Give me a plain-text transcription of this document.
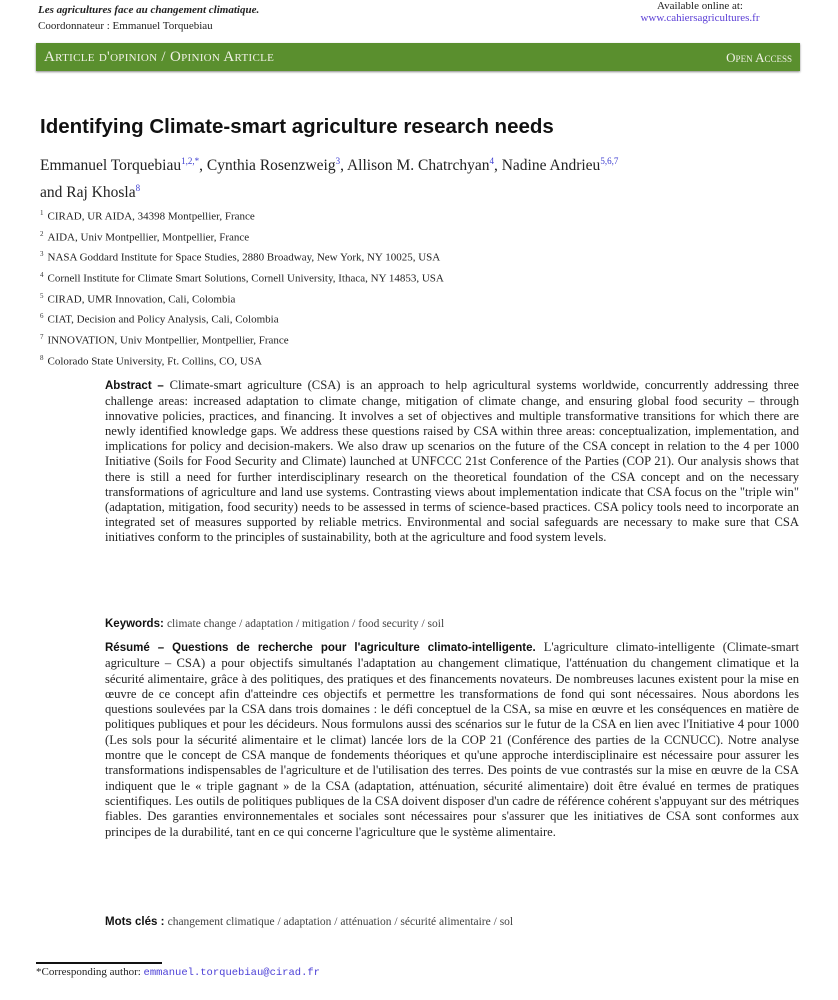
Les agricultures face au changement climatique.
Coordonnateur : Emmanuel Torquebiau
Available online at:
www.cahiersagricultures.fr
Article d'opinion / Opinion Article	Open Access
Identifying Climate-smart agriculture research needs
Emmanuel Torquebiau$^{1,2,*}$, Cynthia Rosenzweig$^3$, Allison M. Chatrchyan$^4$, Nadine Andrieu$^{5,6,7}$
and Raj Khosla$^8$
$^1$ CIRAD, UR AIDA, 34398 Montpellier, France
$^2$ AIDA, Univ Montpellier, Montpellier, France
$^3$ NASA Goddard Institute for Space Studies, 2880 Broadway, New York, NY 10025, USA
$^4$ Cornell Institute for Climate Smart Solutions, Cornell University, Ithaca, NY 14853, USA
$^5$ CIRAD, UMR Innovation, Cali, Colombia
$^6$ CIAT, Decision and Policy Analysis, Cali, Colombia
$^7$ INNOVATION, Univ Montpellier, Montpellier, France
$^8$ Colorado State University, Ft. Collins, CO, USA
Abstract – Climate-smart agriculture (CSA) is an approach to help agricultural systems worldwide, concurrently addressing three challenge areas: increased adaptation to climate change, mitigation of climate change, and ensuring global food security – through innovative policies, practices, and financing. It involves a set of objectives and multiple transformative transitions for which there are newly identified knowledge gaps. We address these questions raised by CSA within three areas: conceptualization, implementation, and implications for policy and decision-makers. We also draw up scenarios on the future of the CSA concept in relation to the 4 per 1000 Initiative (Soils for Food Security and Climate) launched at UNFCCC 21st Conference of the Parties (COP 21). Our analysis shows that there is still a need for further interdisciplinary research on the theoretical foundation of the CSA concept and on the necessary transformations of agriculture and land use systems. Contrasting views about implementation indicate that CSA focus on the "triple win" (adaptation, mitigation, food security) needs to be assessed in terms of science-based practices. CSA policy tools need to incorporate an integrated set of measures supported by reliable metrics. Environmental and social safeguards are necessary to make sure that CSA initiatives conform to the principles of sustainability, both at the agriculture and food system levels.
Keywords: climate change / adaptation / mitigation / food security / soil
Résumé – Questions de recherche pour l'agriculture climato-intelligente. L'agriculture climato-intelligente (Climate-smart agriculture – CSA) a pour objectifs simultanés l'adaptation au changement climatique, l'atténuation du changement climatique et la sécurité alimentaire, grâce à des politiques, des pratiques et des financements novateurs. De nombreuses lacunes existent pour la mise en œuvre de ce concept afin d'atteindre ces objectifs et permettre les transformations de fond qui sont nécessaires. Nous abordons les questions soulevées par la CSA dans trois domaines : le défi conceptuel de la CSA, sa mise en œuvre et les conséquences en matière de politiques publiques et pour les décideurs. Nous formulons aussi des scénarios sur le futur de la CSA en lien avec l'Initiative 4 pour 1000 (Les sols pour la sécurité alimentaire et le climat) lancée lors de la COP 21 (Conférence des parties de la CCNUCC). Notre analyse montre que le concept de CSA manque de fondements théoriques et qu'une approche interdisciplinaire est nécessaire pour assurer les transformations indispensables de l'agriculture et de l'utilisation des terres. Des points de vue contrastés sur la mise en œuvre de la CSA indiquent que le « triple gagnant » de la CSA (adaptation, atténuation, sécurité alimentaire) doit être évalué en termes de pratiques scientifiques. Les outils de politiques publiques de la CSA doivent disposer d'un cadre de référence cohérent s'appuyant sur des métriques fiables. Des garanties environnementales et sociales sont nécessaires pour s'assurer que les initiatives de CSA sont conformes aux principes de la durabilité, tant en ce qui concerne l'agriculture que le système alimentaire.
Mots clés : changement climatique / adaptation / atténuation / sécurité alimentaire / sol
*Corresponding author: emmanuel.torquebiau@cirad.fr
